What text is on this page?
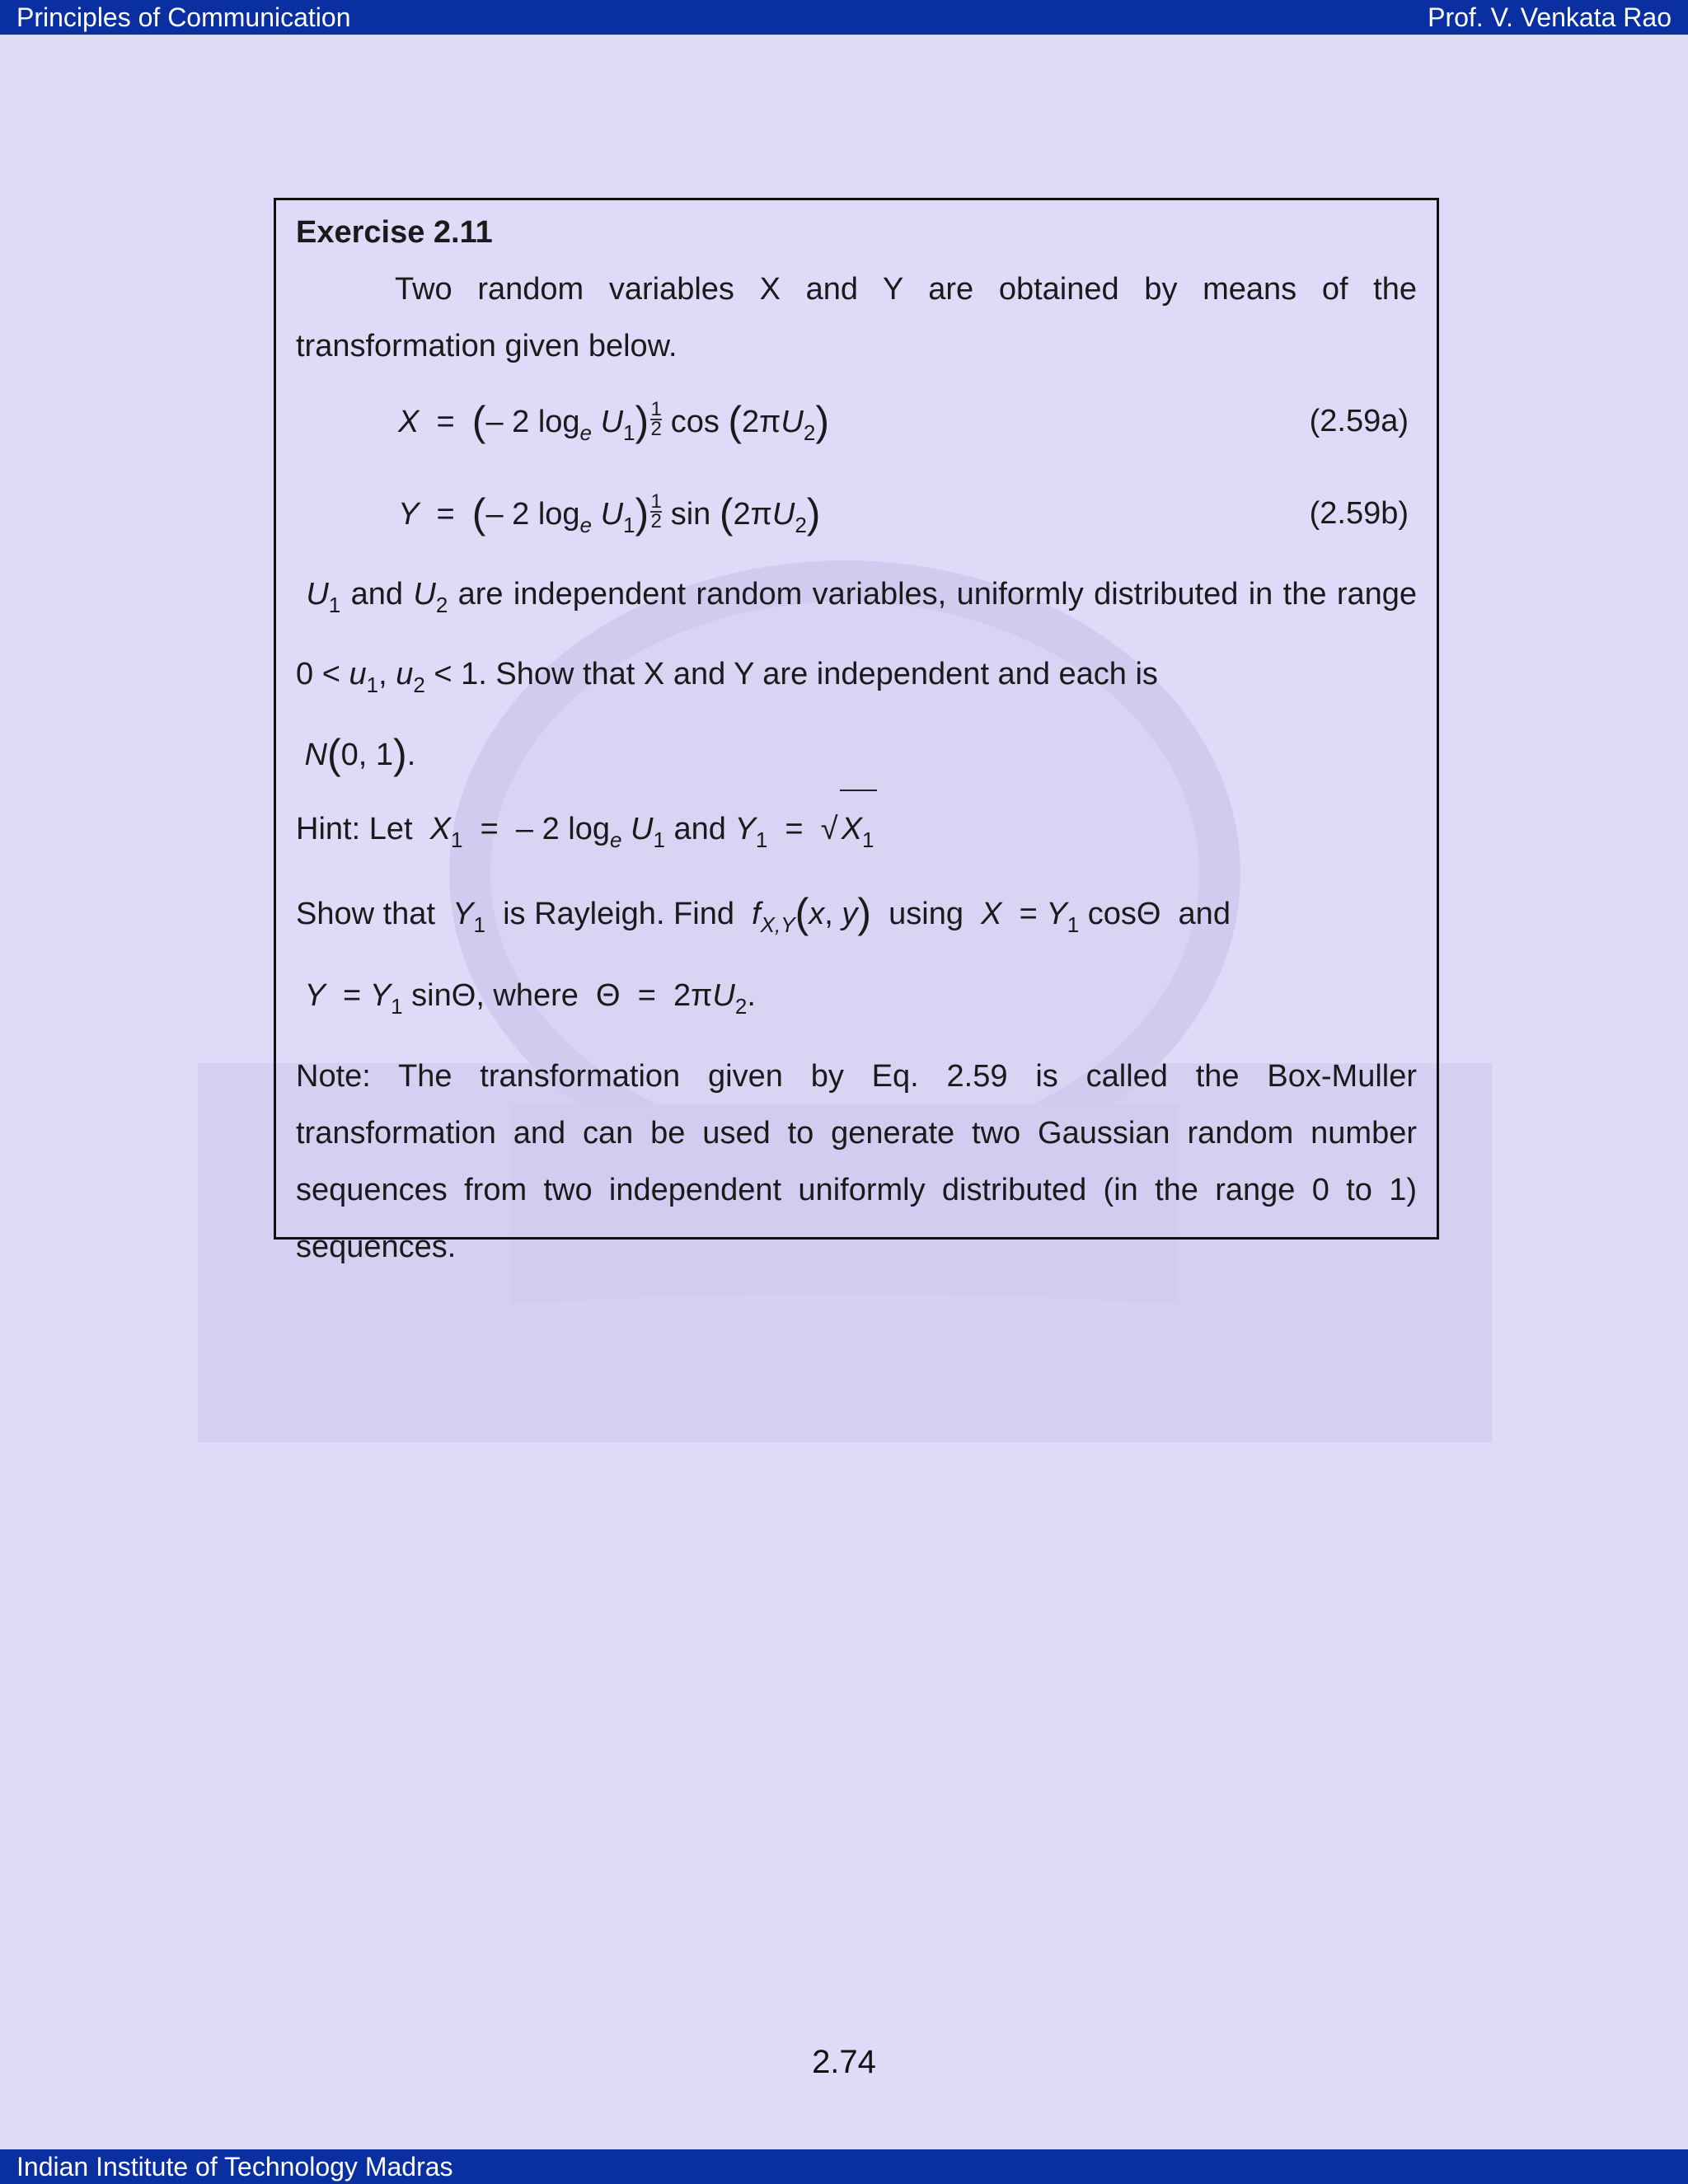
Principles of Communication	Prof. V. Venkata Rao
Exercise 2.11

Two random variables X and Y are obtained by means of the transformation given below.

X  =  (– 2 $\log_e U_1) \frac{1}{2}$ $\cos (2\pi U_2)$	(2.59a)
Y  =  (– 2 $\log_e U_1) \frac{1}{2}$ $\sin (2\pi U_2)$	(2.59b)

$U_1$ and $U_2$ are independent random variables, uniformly distributed in the range $0 < u_1$, $u_2 < 1$. Show that X and Y are independent and each is
N(0, 1).

Hint: Let $X_1$  =  – 2 $\log_e U_1$ and $Y_1$  =  √ $X_1$

Show that $Y_1$ is Rayleigh. Find $f_{X,Y}(x$, y) using $X = Y_1$ cosΘ  and
$Y = Y_1$ sinΘ, where  $\Theta = 2\pi U_2$.

Note: The transformation given by Eq. 2.59 is called the Box-Muller transformation and can be used to generate two Gaussian random number sequences from two independent uniformly distributed (in the range 0 to 1) sequences.

2.74
Indian Institute of Technology Madras
